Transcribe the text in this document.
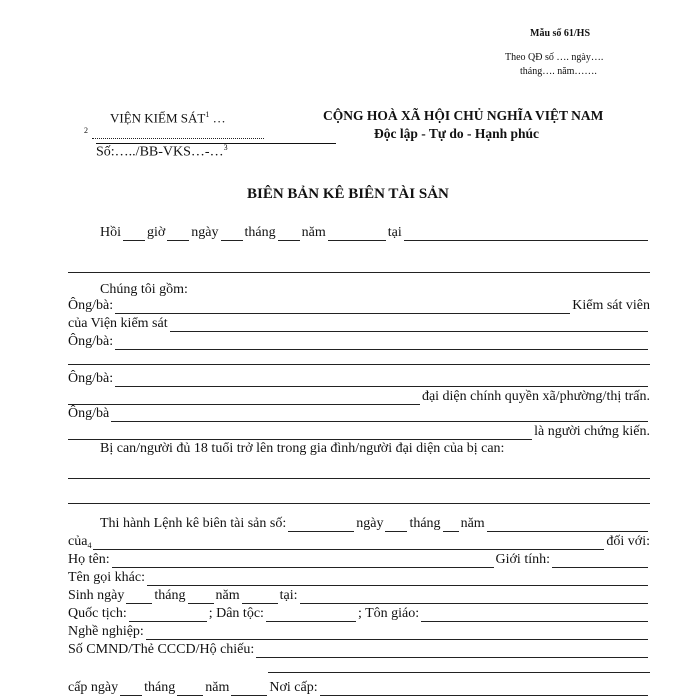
Mẫu số 61/HS
Theo QĐ số …. ngày….
tháng…. năm…….
VIỆN KIỂM SÁT$^1$ …
$^2$
Số:…../BB-VKS…-…$^3$
CỘNG HOÀ XÃ HỘI CHỦ NGHĨA VIỆT NAM
Độc lập - Tự do - Hạnh phúc
BIÊN BẢN KÊ BIÊN TÀI SẢN
Hồi giờ ngày tháng năm	tại
Chúng tôi gồm:
Ông/bà:	Kiểm sát viên
của Viện kiểm sát
Ông/bà:
Ông/bà:
đại diện chính quyền xã/phường/thị trấn.
Ông/bà
là người chứng kiến.
Bị can/người đủ 18 tuổi trở lên trong gia đình/người đại diện của bị can:
Thi hành Lệnh kê biên tài sản số:	ngày tháng năm
của 4	đối với:
Họ tên:	Giới tính:
Tên gọi khác:
Sinh ngày tháng năm	tại:
Quốc tịch:	; Dân tộc:	; Tôn giáo:
Nghề nghiệp:
Số CMND/Thẻ CCCD/Hộ chiếu:
cấp ngày tháng năm	Nơi cấp:
